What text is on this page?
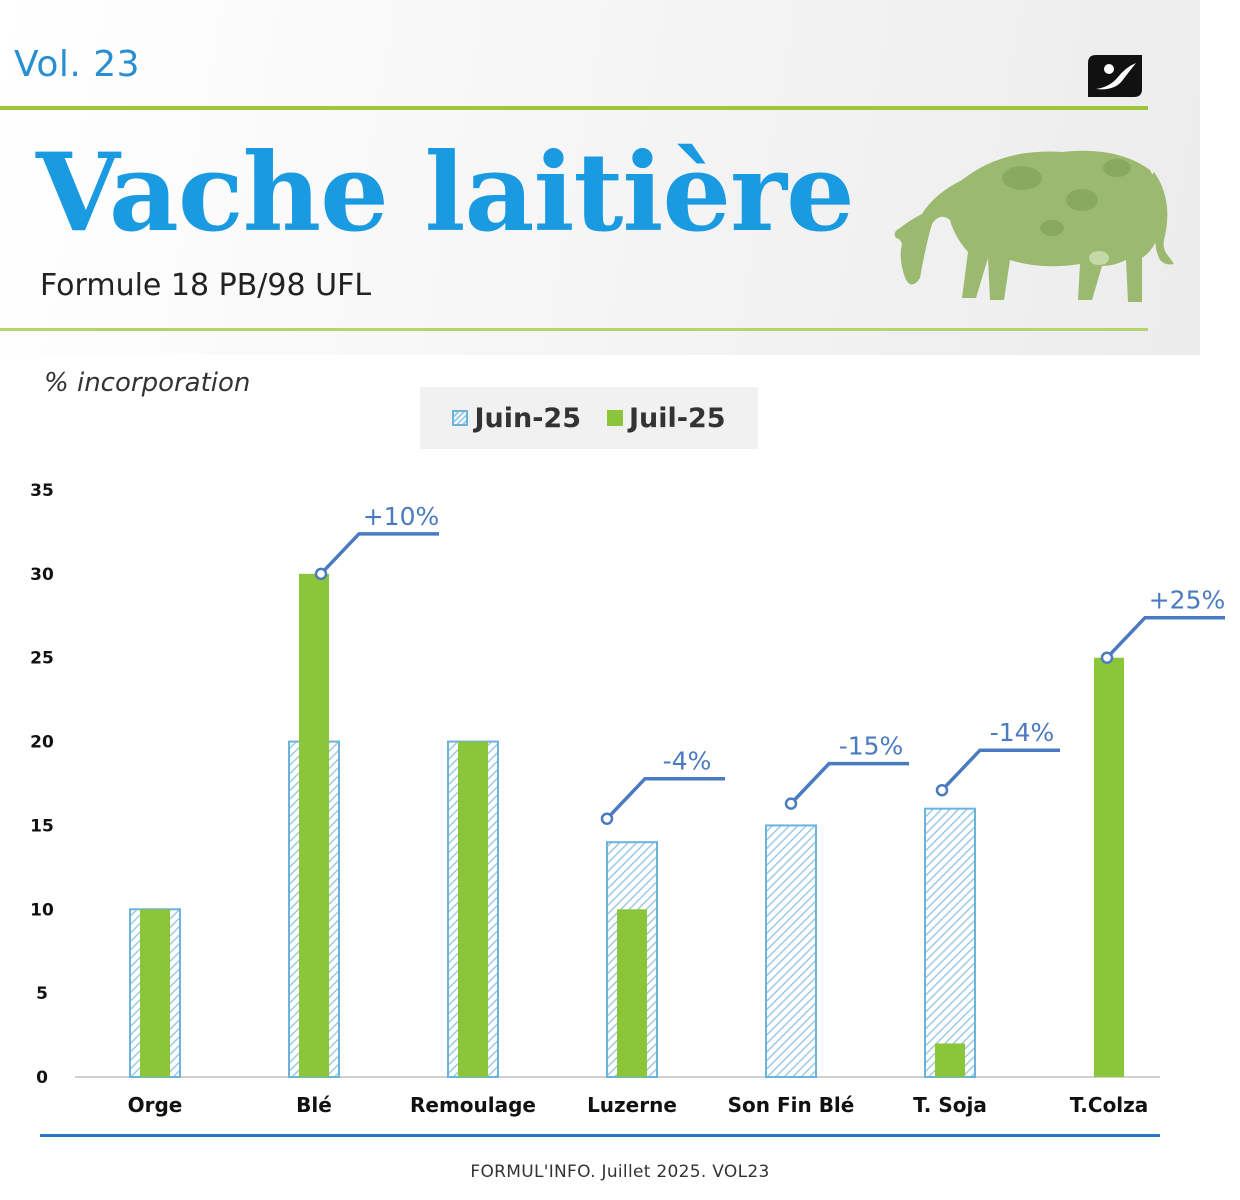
Vol. 23
Vache laitière
Formule 18 PB/98 UFL
% incorporation
Juin-25 Juil-25
0
5
10
15
20
25
30
35
Orge	Blé	Remoulage	Luzerne	Son Fin Blé	T. Soja	T.Colza
+10%
-4%
-15%	-14%
+25%
FORMUL'INFO. Juillet 2025. VOL23
